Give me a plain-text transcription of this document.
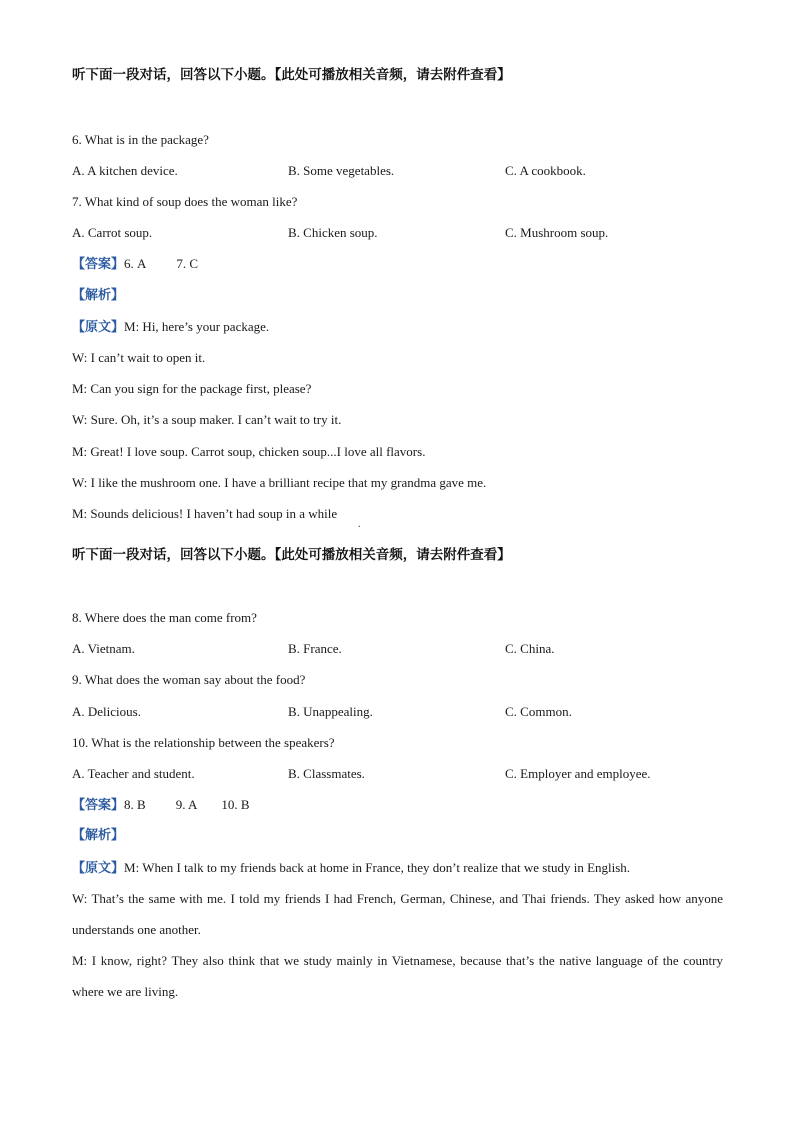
听下面一段对话，回答以下小题。【此处可播放相关音频，请去附件查看】
6. What is in the package?
A. A kitchen device.	B. Some vegetables.	C. A cookbook.
7. What kind of soup does the woman like?
A. Carrot soup.	B. Chicken soup.	C. Mushroom soup.
【答案】6. A 7. C
【解析】
【原文】M: Hi, here’s your package.
W: I can’t wait to open it.
M: Can you sign for the package first, please?
W: Sure. Oh, it’s a soup maker. I can’t wait to try it.
M: Great! I love soup. Carrot soup, chicken soup...I love all flavors.
W: I like the mushroom one. I have a brilliant recipe that my grandma gave me.
M: Sounds delicious! I haven’t had soup in a while
.
听下面一段对话，回答以下小题。【此处可播放相关音频，请去附件查看】
8. Where does the man come from?
A. Vietnam.	B. France.	C. China.
9. What does the woman say about the food?
A. Delicious.	B. Unappealing.	C. Common.
10. What is the relationship between the speakers?
A. Teacher and student.	B. Classmates.	C. Employer and employee.
【答案】8. B 9. A 10. B
【解析】
【原文】M: When I talk to my friends back at home in France, they don’t realize that we study in English.
W: That’s the same with me. I told my friends I had French, German, Chinese, and Thai friends. They asked how anyone understands one another.
M: I know, right? They also think that we study mainly in Vietnamese, because that’s the native language of the country where we are living.
